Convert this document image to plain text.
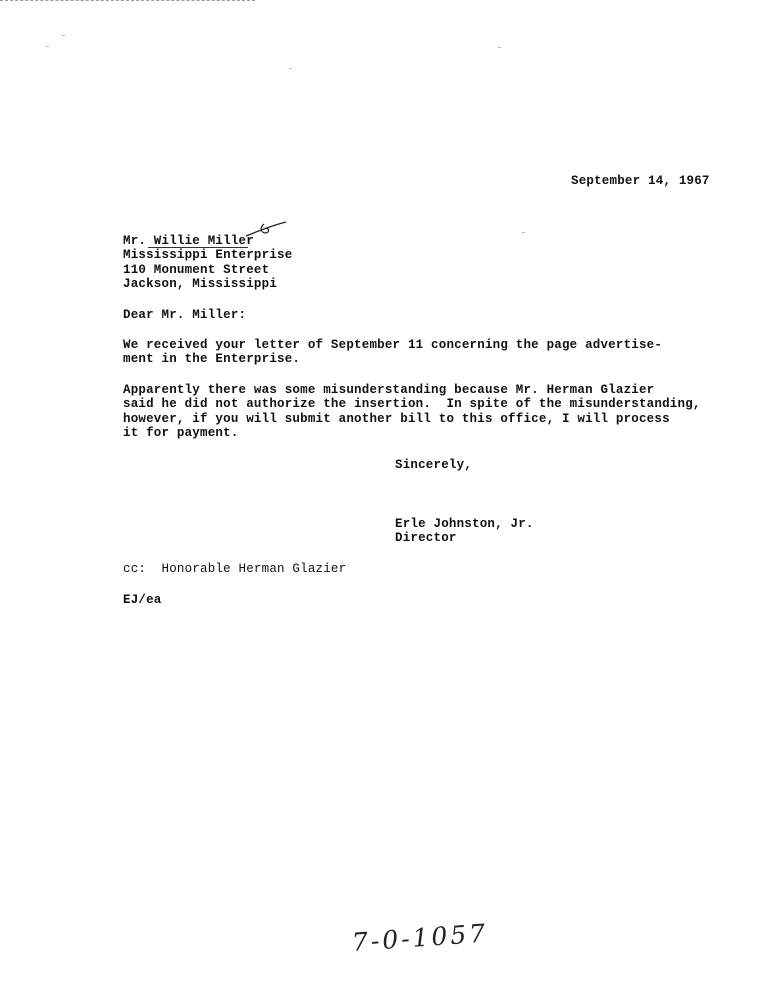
September 14, 1967
Mr. Willie Miller
Mississippi Enterprise
110 Monument Street
Jackson, Mississippi
Dear Mr. Miller:
We received your letter of September 11 concerning the page advertise-
ment in the Enterprise.
Apparently there was some misunderstanding because Mr. Herman Glazier
said he did not authorize the insertion.  In spite of the misunderstanding,
however, if you will submit another bill to this office, I will process
it for payment.
Sincerely,
Erle Johnston, Jr.
Director
cc:  Honorable Herman Glazier
EJ/ea
7-0-1057
